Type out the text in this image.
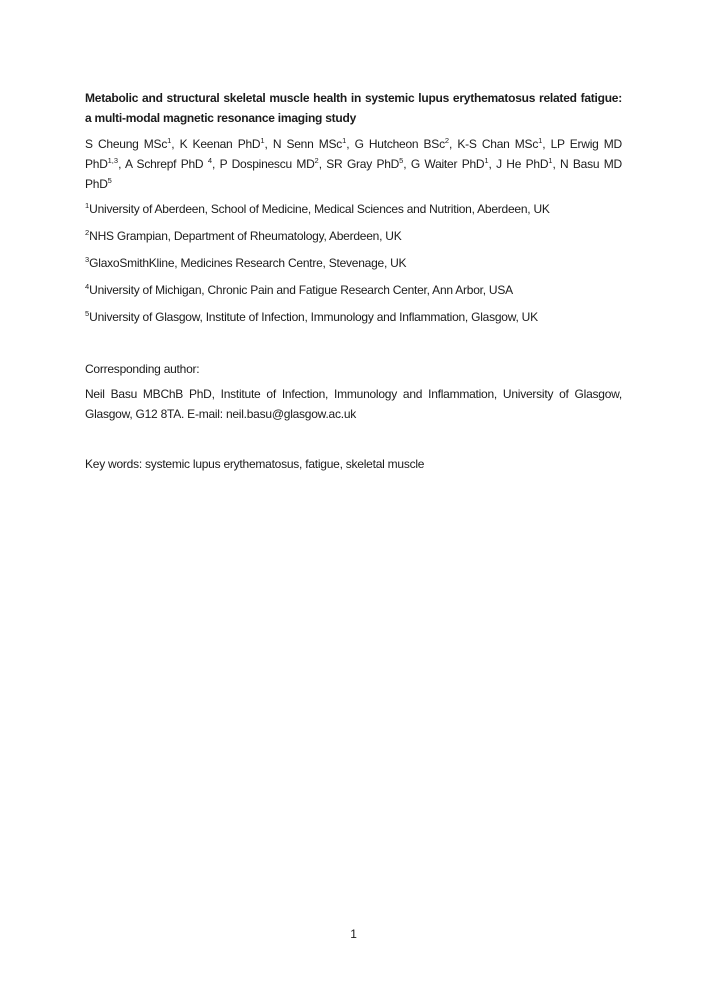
Metabolic and structural skeletal muscle health in systemic lupus erythematosus related fatigue: a multi-modal magnetic resonance imaging study

S Cheung MSc$^1$, K Keenan PhD$^1$, N Senn MSc$^1$, G Hutcheon BSc$^2$, K-S Chan MSc$^1$, LP Erwig MD PhD$^{1,3}$, A Schrepf PhD $^4$, P Dospinescu $MD^2$, SR Gray PhD$^5$, G Waiter PhD$^1$, J He PhD$^1$, N Basu MD PhD$^5$

$^1$University of Aberdeen, School of Medicine, Medical Sciences and Nutrition, Aberdeen, UK

$^2$NHS Grampian, Department of Rheumatology, Aberdeen, UK

$^3$GlaxoSmithKline, Medicines Research Centre, Stevenage, UK

$^4$University of Michigan, Chronic Pain and Fatigue Research Center, Ann Arbor, USA

$^5$University of Glasgow, Institute of Infection, Immunology and Inflammation, Glasgow, UK

Corresponding author:

Neil Basu MBChB PhD, Institute of Infection, Immunology and Inflammation, University of Glasgow, Glasgow, G12 8TA. E-mail: neil.basu@glasgow.ac.uk

Key words: systemic lupus erythematosus, fatigue, skeletal muscle

1
